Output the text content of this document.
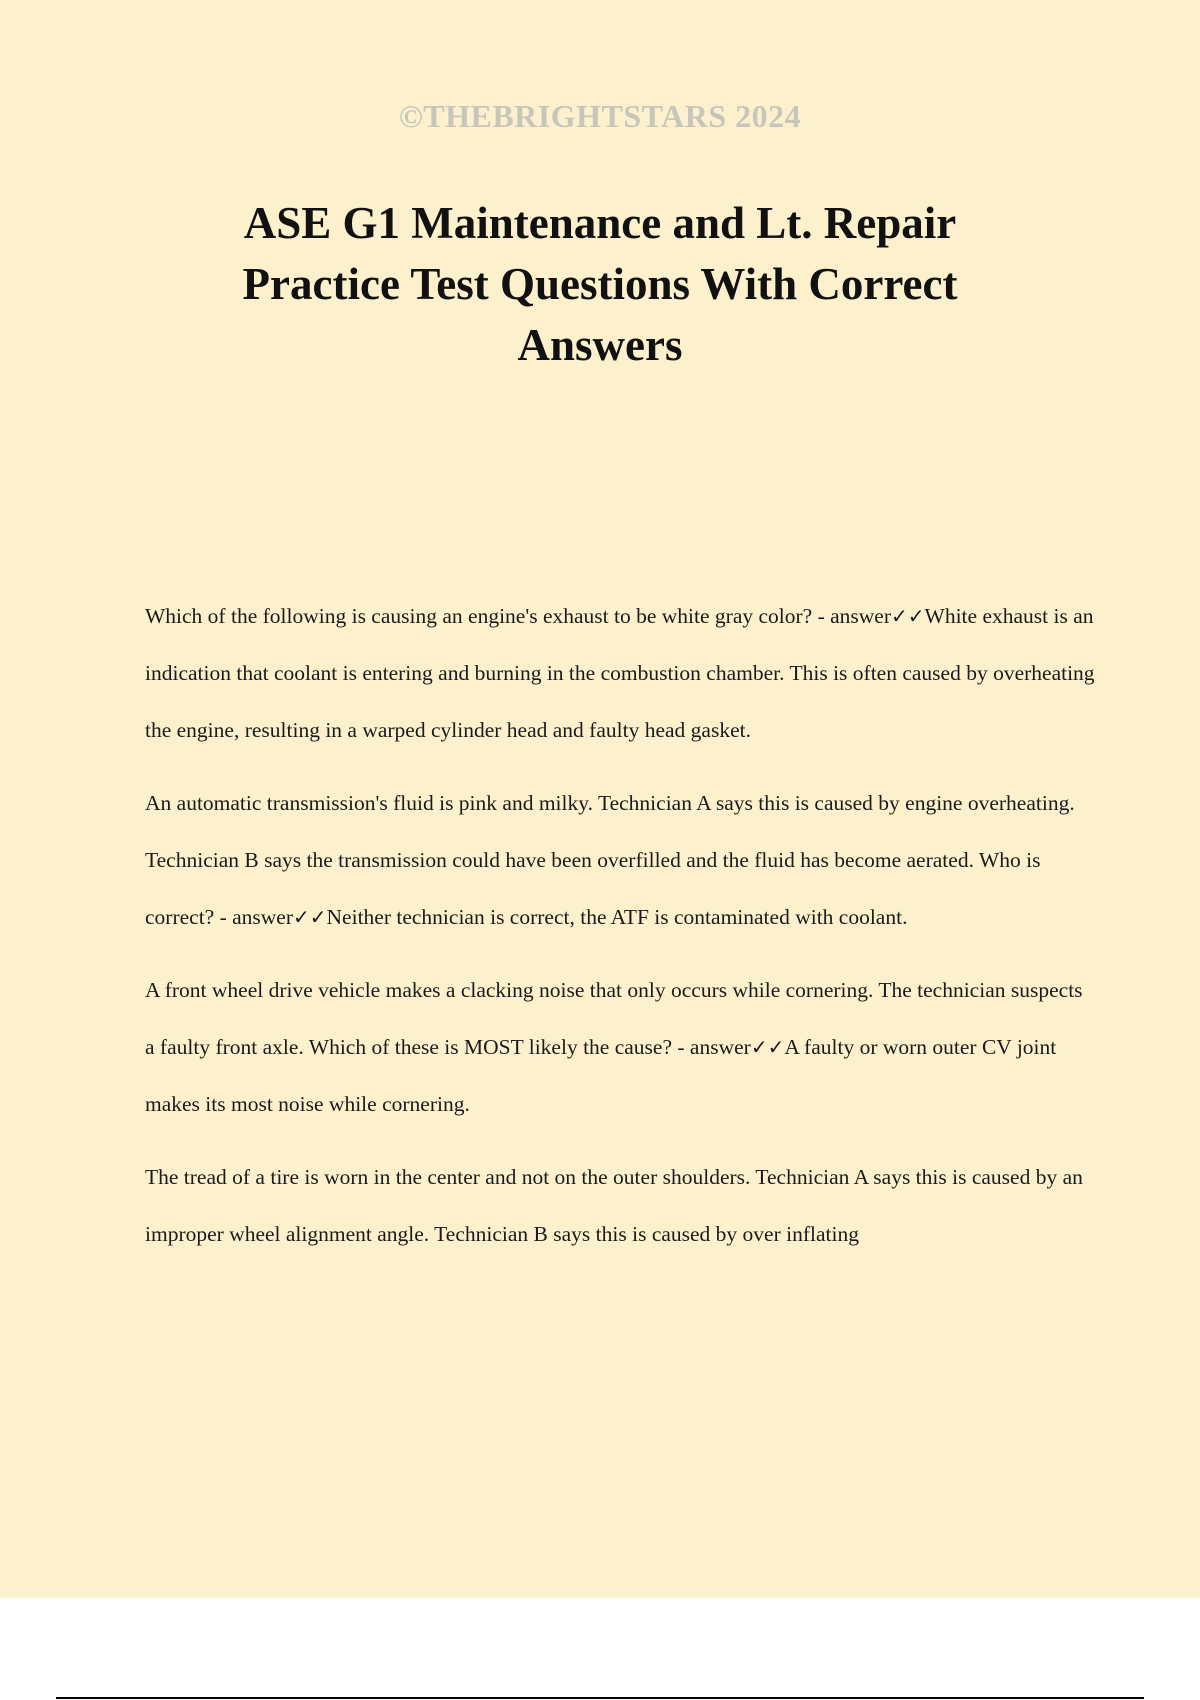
©THEBRIGHTSTARS 2024
ASE G1 Maintenance and Lt. Repair Practice Test Questions With Correct Answers

Which of the following is causing an engine's exhaust to be white gray color? - answer✓✓White exhaust is an indication that coolant is entering and burning in the combustion chamber. This is often caused by overheating the engine, resulting in a warped cylinder head and faulty head gasket.

An automatic transmission's fluid is pink and milky. Technician A says this is caused by engine overheating. Technician B says the transmission could have been overfilled and the fluid has become aerated. Who is correct? - answer✓✓Neither technician is correct, the ATF is contaminated with coolant.

A front wheel drive vehicle makes a clacking noise that only occurs while cornering. The technician suspects a faulty front axle. Which of these is MOST likely the cause? - answer✓✓A faulty or worn outer CV joint makes its most noise while cornering.

The tread of a tire is worn in the center and not on the outer shoulders. Technician A says this is caused by an improper wheel alignment angle. Technician B says this is caused by over inflating
